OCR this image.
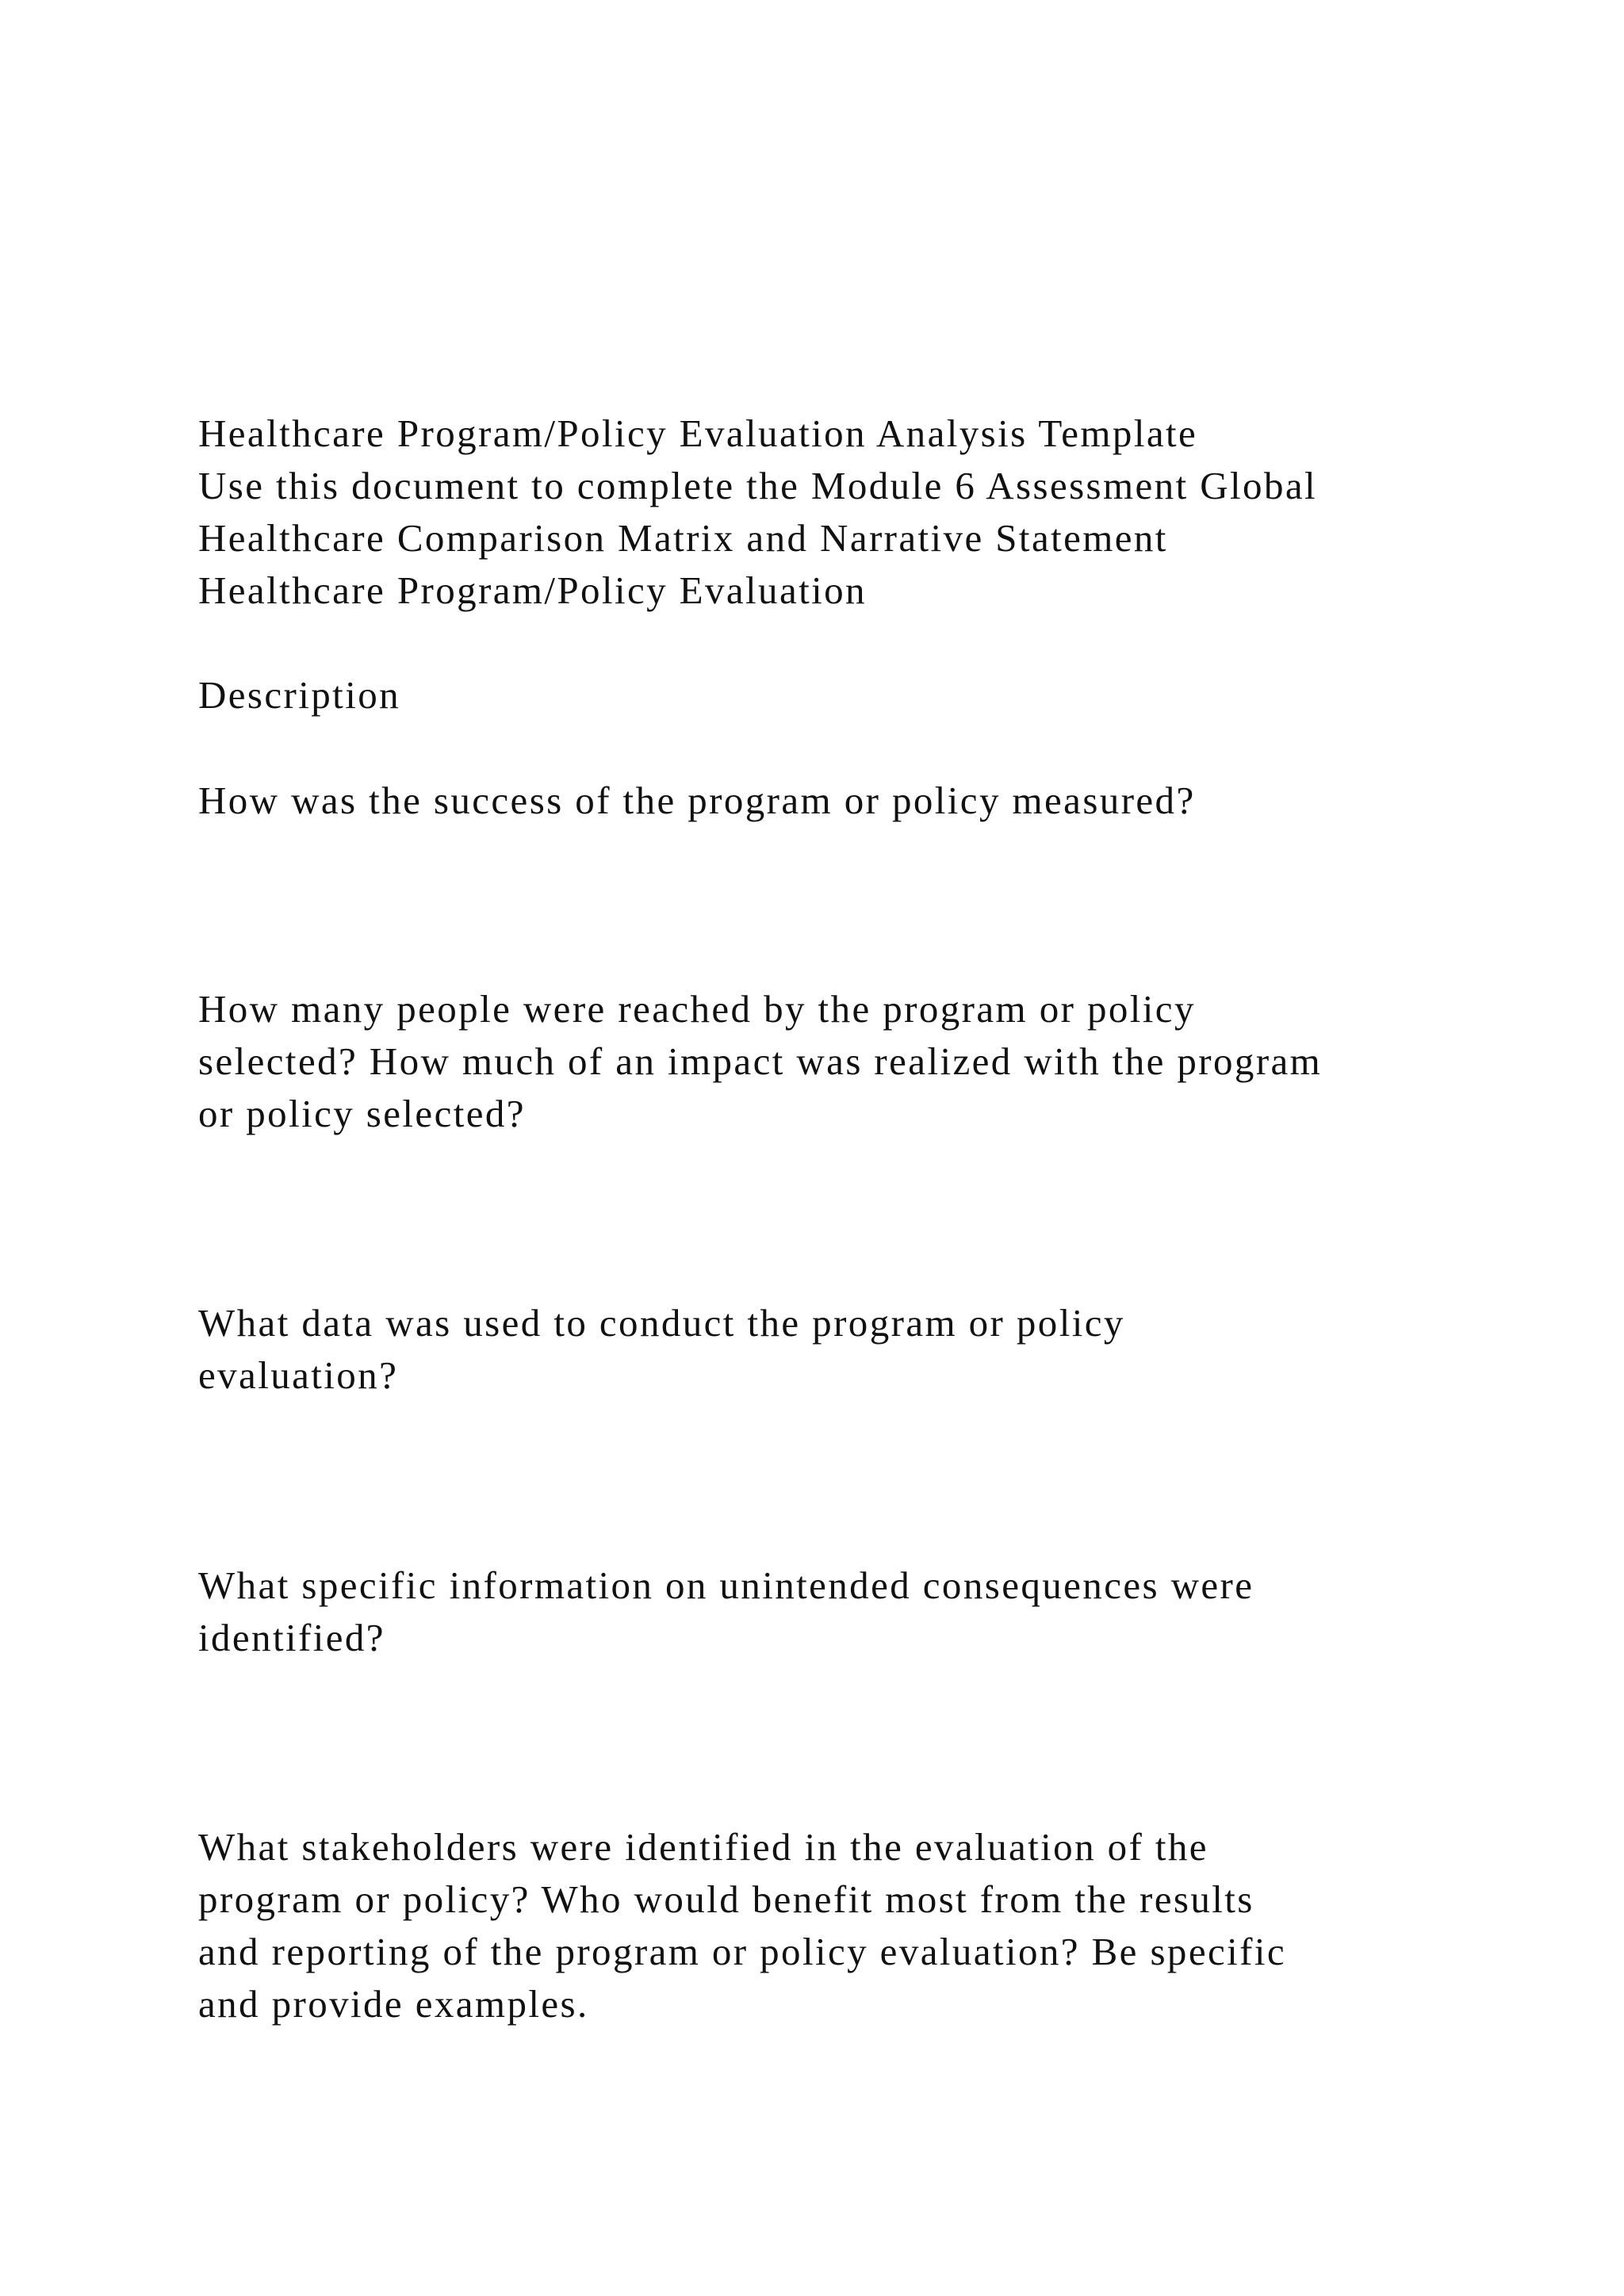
Healthcare Program/Policy Evaluation Analysis Template

Use this document to complete the Module 6 Assessment Global

Healthcare Comparison Matrix and Narrative Statement

Healthcare Program/Policy Evaluation

Description

How was the success of the program or policy measured?

How many people were reached by the program or policy

selected? How much of an impact was realized with the program

or policy selected?

What data was used to conduct the program or policy

evaluation?

What specific information on unintended consequences were

identified?

What stakeholders were identified in the evaluation of the

program or policy? Who would benefit most from the results

and reporting of the program or policy evaluation? Be specific

and provide examples.
